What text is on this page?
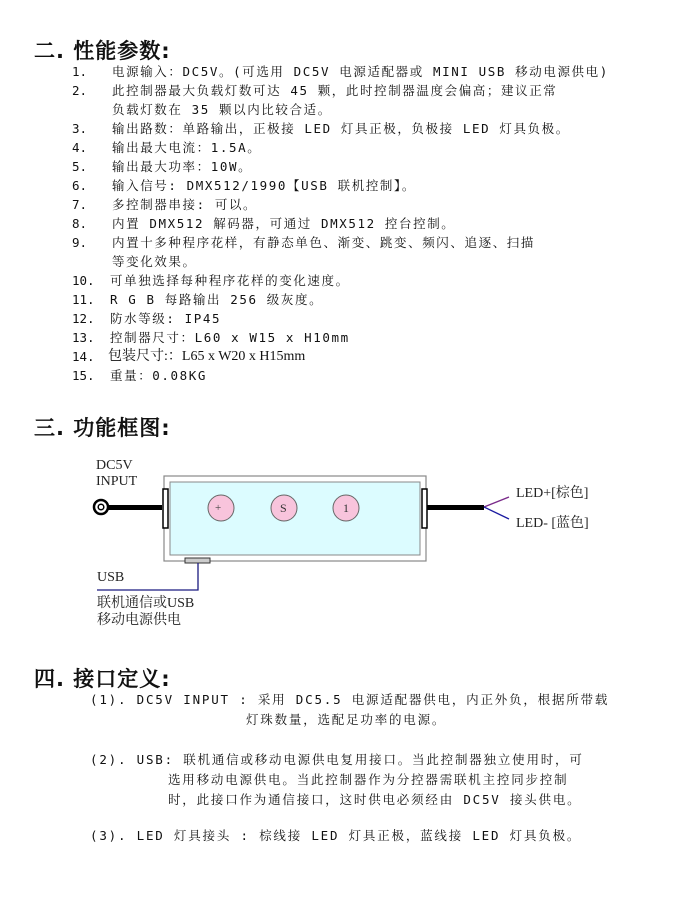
二. 性能参数:
1. 电源输入：DC5V。(可选用 DC5V 电源适配器或 MINI USB 移动电源供电)
2. 此控制器最大负载灯数可达 45 颗，此时控制器温度会偏高；建议正常
负载灯数在 35 颗以内比较合适。
3. 输出路数：单路输出，正极接 LED 灯具正极，负极接 LED 灯具负极。
4. 输出最大电流：1.5A。
5. 输出最大功率：10W。
6. 输入信号: DMX512/1990【USB 联机控制】。
7. 多控制器串接: 可以。
8. 内置 DMX512 解码器，可通过 DMX512 控台控制。
9. 内置十多种程序花样，有静态单色、渐变、跳变、频闪、追逐、扫描
等变化效果。
10. 可单独选择每种程序花样的变化速度。
11. R G B 每路输出 256 级灰度。
12. 防水等级: IP45
13. 控制器尺寸：L60 x W15 x H10mm
14. 包装尺寸:：L65 x W20 x H15mm
15. 重量：0.08KG
三. 功能框图:
DC5V
INPUT
+	S	1
LED+[棕色]
LED- [蓝色]
USB
联机通信或USB
移动电源供电
四. 接口定义:
(1). DC5V INPUT : 采用 DC5.5 电源适配器供电，内正外负，根据所带载
灯珠数量，选配足功率的电源。
(2). USB: 联机通信或移动电源供电复用接口。当此控制器独立使用时，可
选用移动电源供电。当此控制器作为分控器需联机主控同步控制
时，此接口作为通信接口，这时供电必须经由 DC5V 接头供电。
(3). LED 灯具接头 : 棕线接 LED 灯具正极，蓝线接 LED 灯具负极。
